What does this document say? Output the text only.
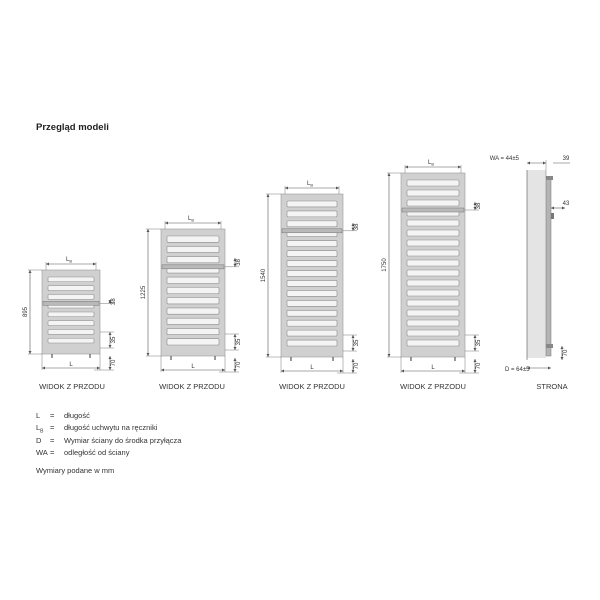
Przegląd modeli
$L_B$
L
895
38
35
70
$L_B$
L
1225
38
35
70
$L_B$
L
1540
38
35
70
$L_B$
L
1750
38
35
70
WA = 44±5	39
43
D = 64±5
70
WIDOK Z PRZODU	WIDOK Z PRZODU	WIDOK Z PRZODU	WIDOK Z PRZODU	STRONA
L	=	długość
$L_B$ =	długość uchwytu na ręczniki
D	=	Wymiar ściany do środka przyłącza
WA =	odległość od ściany
Wymiary podane w mm
